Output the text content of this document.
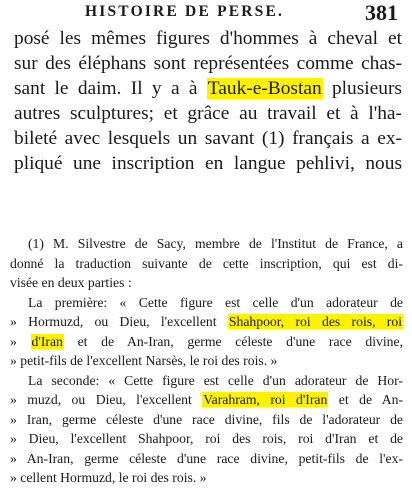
HISTOIRE DE PERSE.	381
posé les mêmes figures d'hommes à cheval et
sur des éléphans sont représentées comme chas-
sant le daim. Il y a à Tauk-e-Bostan plusieurs
autres sculptures; et grâce au travail et à l'ha-
bileté avec lesquels un savant (1) français a ex-
pliqué une inscription en langue pehlivi, nous
(1) M. Silvestre de Sacy, membre de l'Institut de France, a
donné la traduction suivante de cette inscription, qui est di-
visée en deux parties :
La première: « Cette figure est celle d'un adorateur de
» Hormuzd, ou Dieu, l'excellent Shahpoor, roi des rois, roi
» d'Iran et de An-Iran, germe céleste d'une race divine,
» petit-fils de l'excellent Narsès, le roi des rois. »
La seconde: « Cette figure est celle d'un adorateur de Hor-
» muzd, ou Dieu, l'excellent Varahram, roi d'Iran et de An-
» Iran, germe céleste d'une race divine, fils de l'adorateur de
» Dieu, l'excellent Shahpoor, roi des rois, roi d'Iran et de
» An-Iran, germe céleste d'une race divine, petit-fils de l'ex-
» cellent Hormuzd, le roi des rois. »
